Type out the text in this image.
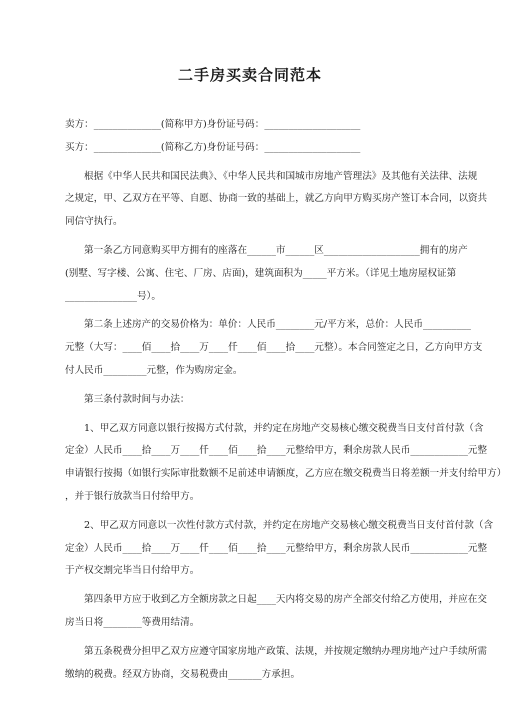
二手房买卖合同范本

卖方：______________(简称甲方)身份证号码：____________________

买方：______________(简称乙方)身份证号码：____________________

根据《中华人民共和国民法典》、《中华人民共和国城市房地产管理法》及其他有关法律、法规
之规定，甲、乙双方在平等、自愿、协商一致的基础上，就乙方向甲方购买房产签订本合同，以资共
同信守执行。

第一条乙方同意购买甲方拥有的座落在______市______区____________________拥有的房产
(别墅、写字楼、公寓、住宅、厂房、店面)，建筑面积为_____平方米。（详见土地房屋权证第
_______________号）。

第二条上述房产的交易价格为：单价：人民币________元/平方米，总价：人民币__________
元整（大写：____佰____拾____万____仟____佰____拾____元整）。本合同签定之日，乙方向甲方支
付人民币_________元整，作为购房定金。

第三条付款时间与办法：

1、甲乙双方同意以银行按揭方式付款，并约定在房地产交易核心缴交税费当日支付首付款（含
定金）人民币____拾____万____仟____佰____拾____元整给甲方，剩余房款人民币____________元整
申请银行按揭（如银行实际审批数额不足前述申请额度，乙方应在缴交税费当日将差额一并支付给甲方）
，并于银行放款当日付给甲方。

2、甲乙双方同意以一次性付款方式付款，并约定在房地产交易核心缴交税费当日支付首付款（含
定金）人民币____拾____万____仟____佰____拾____元整给甲方，剩余房款人民币____________元整
于产权交割完毕当日付给甲方。

第四条甲方应于收到乙方全额房款之日起____天内将交易的房产全部交付给乙方使用，并应在交
房当日将________等费用结清。

第五条税费分担甲乙双方应遵守国家房地产政策、法规，并按规定缴纳办理房地产过户手续所需
缴纳的税费。经双方协商，交易税费由_______方承担。
